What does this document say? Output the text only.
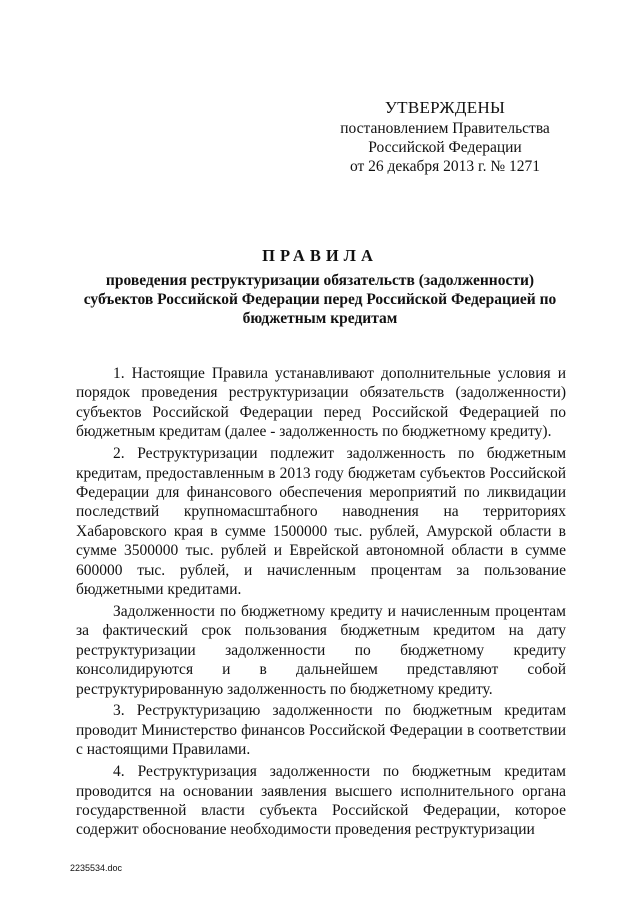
УТВЕРЖДЕНЫ
постановлением Правительства
Российской Федерации
от 26 декабря 2013 г. № 1271
ПРАВИЛА
проведения реструктуризации обязательств (задолженности) субъектов Российской Федерации перед Российской Федерацией по бюджетным кредитам

1. Настоящие Правила устанавливают дополнительные условия и порядок проведения реструктуризации обязательств (задолженности) субъектов Российской Федерации перед Российской Федерацией по бюджетным кредитам (далее - задолженность по бюджетному кредиту).

2. Реструктуризации подлежит задолженность по бюджетным кредитам, предоставленным в 2013 году бюджетам субъектов Российской Федерации для финансового обеспечения мероприятий по ликвидации последствий крупномасштабного наводнения на территориях Хабаровского края в сумме 1500000 тыс. рублей, Амурской области в сумме 3500000 тыс. рублей и Еврейской автономной области в сумме 600000 тыс. рублей, и начисленным процентам за пользование бюджетными кредитами.

Задолженности по бюджетному кредиту и начисленным процентам за фактический срок пользования бюджетным кредитом на дату реструктуризации задолженности по бюджетному кредиту консолидируются и в дальнейшем представляют собой реструктурированную задолженность по бюджетному кредиту.

3. Реструктуризацию задолженности по бюджетным кредитам проводит Министерство финансов Российской Федерации в соответствии с настоящими Правилами.

4. Реструктуризация задолженности по бюджетным кредитам проводится на основании заявления высшего исполнительного органа государственной власти субъекта Российской Федерации, которое содержит обоснование необходимости проведения реструктуризации

2235534.doc
